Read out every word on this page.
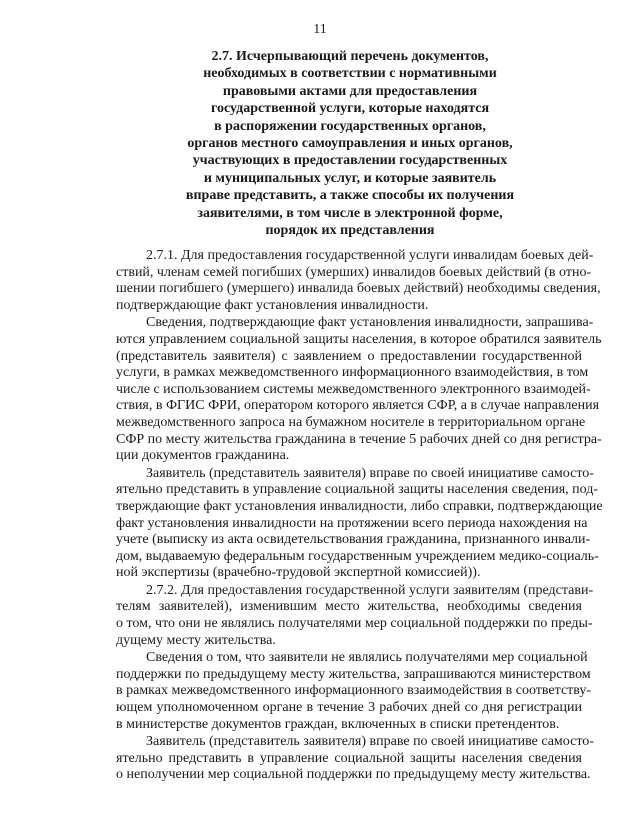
11
2.7. Исчерпывающий перечень документов,
необходимых в соответствии с нормативными
правовыми актами для предоставления
государственной услуги, которые находятся
в распоряжении государственных органов,
органов местного самоуправления и иных органов,
участвующих в предоставлении государственных
и муниципальных услуг, и которые заявитель
вправе представить, а также способы их получения
заявителями, в том числе в электронной форме,
порядок их представления

2.7.1. Для предоставления государственной услуги инвалидам боевых дей-
ствий, членам семей погибших (умерших) инвалидов боевых действий (в отно-
шении погибшего (умершего) инвалида боевых действий) необходимы сведения,
подтверждающие факт установления инвалидности.

Сведения, подтверждающие факт установления инвалидности, запрашива-
ются управлением социальной защиты населения, в которое обратился заявитель
(представитель заявителя) с заявлением о предоставлении государственной
услуги, в рамках межведомственного информационного взаимодействия, в том
числе с использованием системы межведомственного электронного взаимодей-
ствия, в ФГИС ФРИ, оператором которого является СФР, а в случае направления
межведомственного запроса на бумажном носителе в территориальном органе
СФР по месту жительства гражданина в течение 5 рабочих дней со дня регистра-
ции документов гражданина.

Заявитель (представитель заявителя) вправе по своей инициативе самосто-
ятельно представить в управление социальной защиты населения сведения, под-
тверждающие факт установления инвалидности, либо справки, подтверждающие
факт установления инвалидности на протяжении всего периода нахождения на
учете (выписку из акта освидетельствования гражданина, признанного инвали-
дом, выдаваемую федеральным государственным учреждением медико-социаль-
ной экспертизы (врачебно-трудовой экспертной комиссией)).

2.7.2. Для предоставления государственной услуги заявителям (представи-
телям заявителей), изменившим место жительства, необходимы сведения
о том, что они не являлись получателями мер социальной поддержки по преды-
дущему месту жительства.

Сведения о том, что заявители не являлись получателями мер социальной
поддержки по предыдущему месту жительства, запрашиваются министерством
в рамках межведомственного информационного взаимодействия в соответству-
ющем уполномоченном органе в течение 3 рабочих дней со дня регистрации
в министерстве документов граждан, включенных в списки претендентов.

Заявитель (представитель заявителя) вправе по своей инициативе самосто-
ятельно представить в управление социальной защиты населения сведения
о неполучении мер социальной поддержки по предыдущему месту жительства.
